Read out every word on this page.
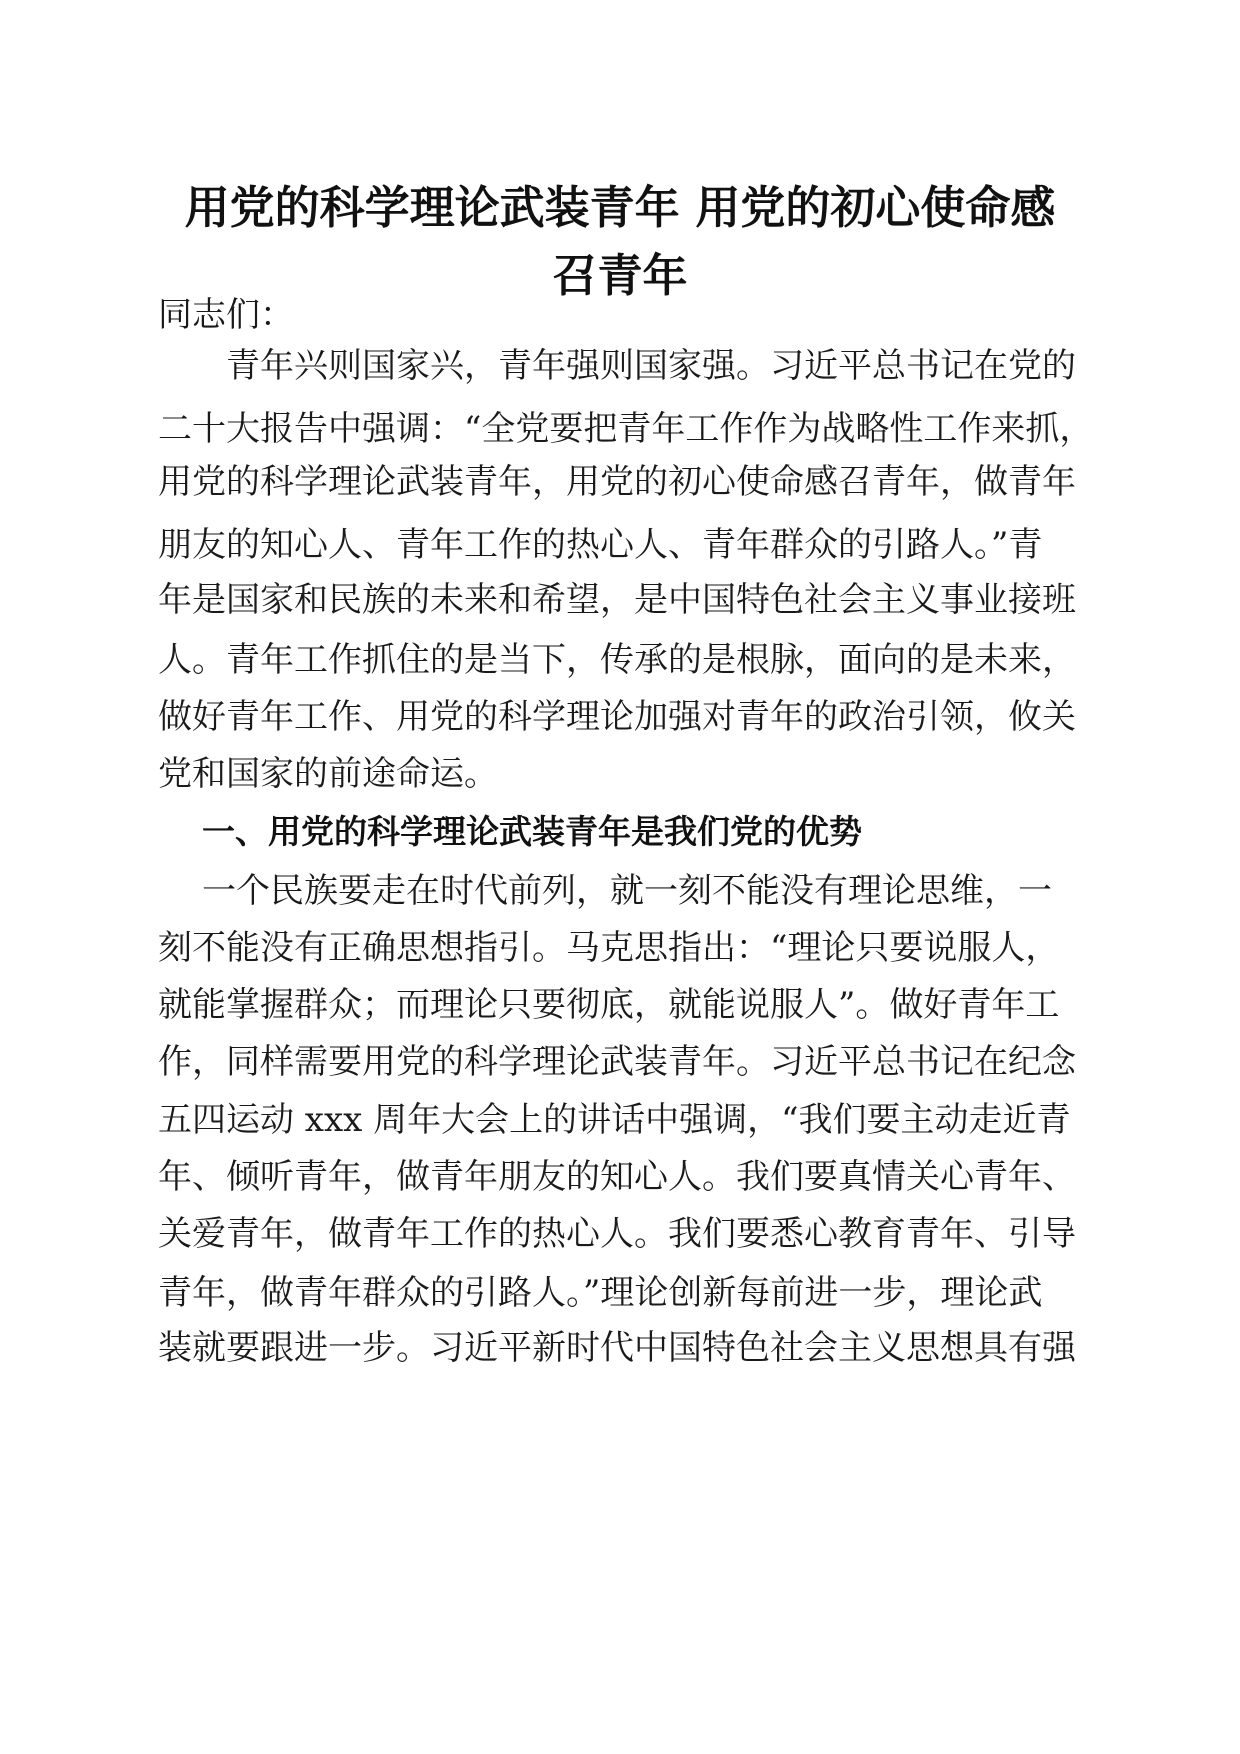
用党的科学理论武装青年 用党的初心使命感
召青年
同志们：
青年兴则国家兴，青年强则国家强。习近平总书记在党的
二十大报告中强调：“全党要把青年工作作为战略性工作来抓，
用党的科学理论武装青年，用党的初心使命感召青年，做青年
朋友的知心人、青年工作的热心人、青年群众的引路人。”青
年是国家和民族的未来和希望，是中国特色社会主义事业接班
人。青年工作抓住的是当下，传承的是根脉，面向的是未来，
做好青年工作、用党的科学理论加强对青年的政治引领，攸关
党和国家的前途命运。
一、用党的科学理论武装青年是我们党的优势
一个民族要走在时代前列，就一刻不能没有理论思维，一
刻不能没有正确思想指引。马克思指出：“理论只要说服人，
就能掌握群众；而理论只要彻底，就能说服人”。做好青年工
作，同样需要用党的科学理论武装青年。习近平总书记在纪念
五四运动 xxx 周年大会上的讲话中强调，“我们要主动走近青
年、倾听青年，做青年朋友的知心人。我们要真情关心青年、
关爱青年，做青年工作的热心人。我们要悉心教育青年、引导
青年，做青年群众的引路人。”理论创新每前进一步，理论武
装就要跟进一步。习近平新时代中国特色社会主义思想具有强
